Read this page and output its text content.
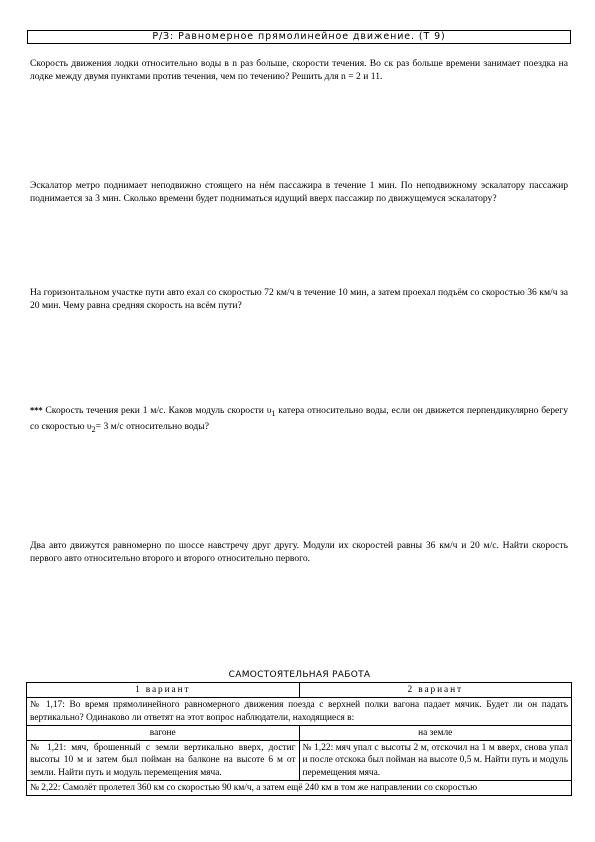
Р/З: Равномерное прямолинейное движение. (Т 9)
Скорость движения лодки относительно воды в n раз больше, скорости течения. Во ск раз больше времени занимает поездка на лодке между двумя пунктами против течения, чем по течению? Решить для n = 2 и 11.
Эскалатор метро поднимает неподвижно стоящего на нём пассажира в течение 1 мин. По неподвижному эскалатору пассажир поднимается за 3 мин. Сколько времени будет подниматься идущий вверх пассажир по движущемуся эскалатору?
На горизонтальном участке пути авто ехал со скоростью 72 км/ч в течение 10 мин, а затем проехал подъём со скоростью 36 км/ч за 20 мин. Чему равна средняя скорость на всём пути?
*** Скорость течения реки 1 м/с. Каков модуль скорости $\upsilon_1$ катера относительно воды, если он движется перпендикулярно берегу со скоростью $\upsilon_2= 3$ м/с относительно воды?
Два авто движутся равномерно по шоссе навстречу друг другу. Модули их скоростей равны 36 км/ч и 20 м/с. Найти скорость первого авто относительно второго и второго относительно первого.
САМОСТОЯТЕЛЬНАЯ РАБОТА
1 вариант	2 вариант
№ 1,17: Во время прямолинейного равномерного движения поезда с верхней полки вагона падает мячик. Будет ли он падать вертикально? Одинаково ли ответят на этот вопрос наблюдатели, находящиеся в:	
вагоне	на земле
№ 1,21: мяч, брошенный с земли вертикально вверх, достиг высоты 10 м и затем был пойман на балконе на высоте 6 м от земли. Найти путь и модуль перемещения мяча.	№ 1,22: мяч упал с высоты 2 м, отскочил на 1 м вверх, снова упал и после отскока был пойман на высоте 0,5 м. Найти путь и модуль перемещения мяча.
№ 2,22: Самолёт пролетел 360 км со скоростью 90 км/ч, а затем ещё 240 км в том же направлении со скоростью	
